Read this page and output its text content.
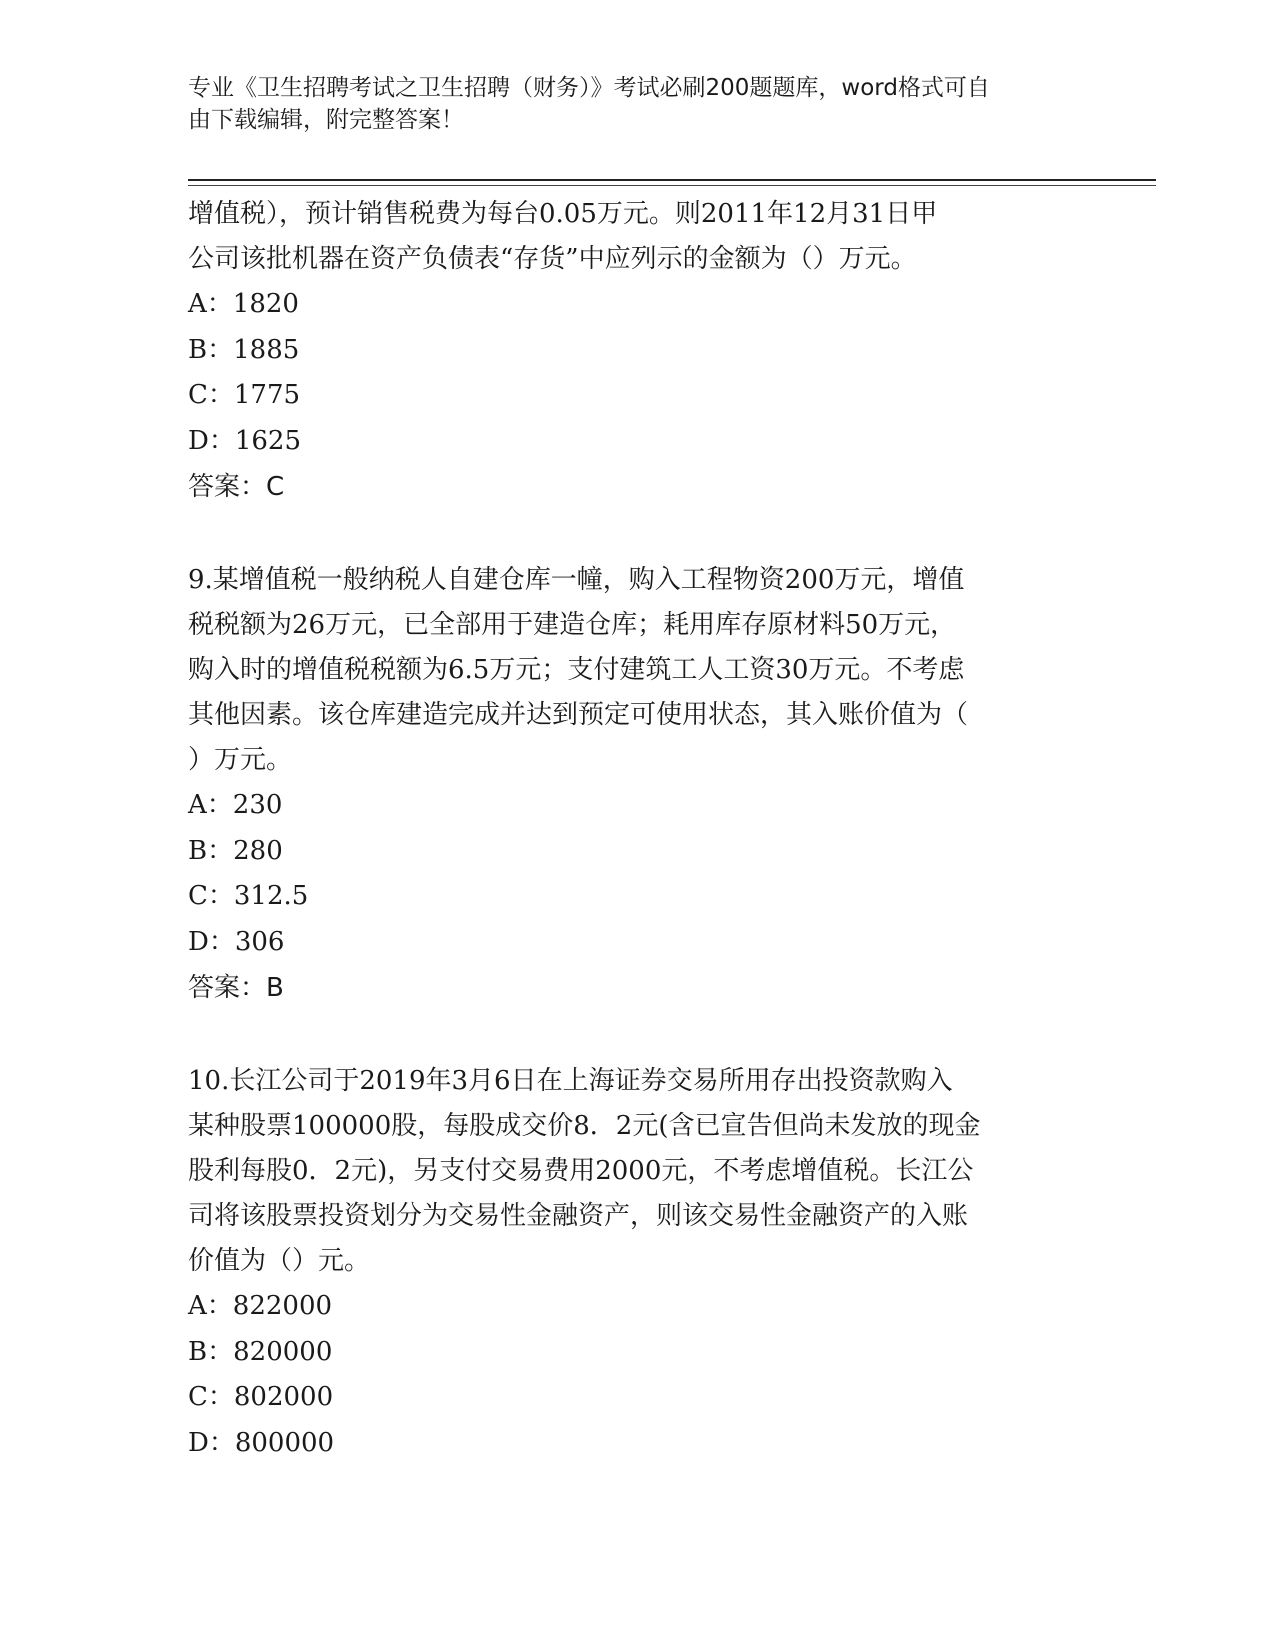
专业《卫生招聘考试之卫生招聘（财务）》考试必刷200题题库，word格式可自
由下载编辑，附完整答案！

增值税），预计销售税费为每台0.05万元。则2011年12月31日甲

公司该批机器在资产负债表“存货”中应列示的金额为（）万元。

A：1820

B：1885

C：1775

D：1625

答案：C

9.某增值税一般纳税人自建仓库一幢，购入工程物资200万元，增值

税税额为26万元，已全部用于建造仓库；耗用库存原材料50万元，

购入时的增值税税额为6.5万元；支付建筑工人工资30万元。不考虑

其他因素。该仓库建造完成并达到预定可使用状态，其入账价值为（

）万元。

A：230

B：280

C：312.5

D：306

答案：B

10.长江公司于2019年3月6日在上海证券交易所用存出投资款购入

某种股票100000股，每股成交价8．2元(含已宣告但尚未发放的现金

股利每股0．2元)，另支付交易费用2000元，不考虑增值税。长江公

司将该股票投资划分为交易性金融资产，则该交易性金融资产的入账

价值为（）元。

A：822000

B：820000

C：802000

D：800000
